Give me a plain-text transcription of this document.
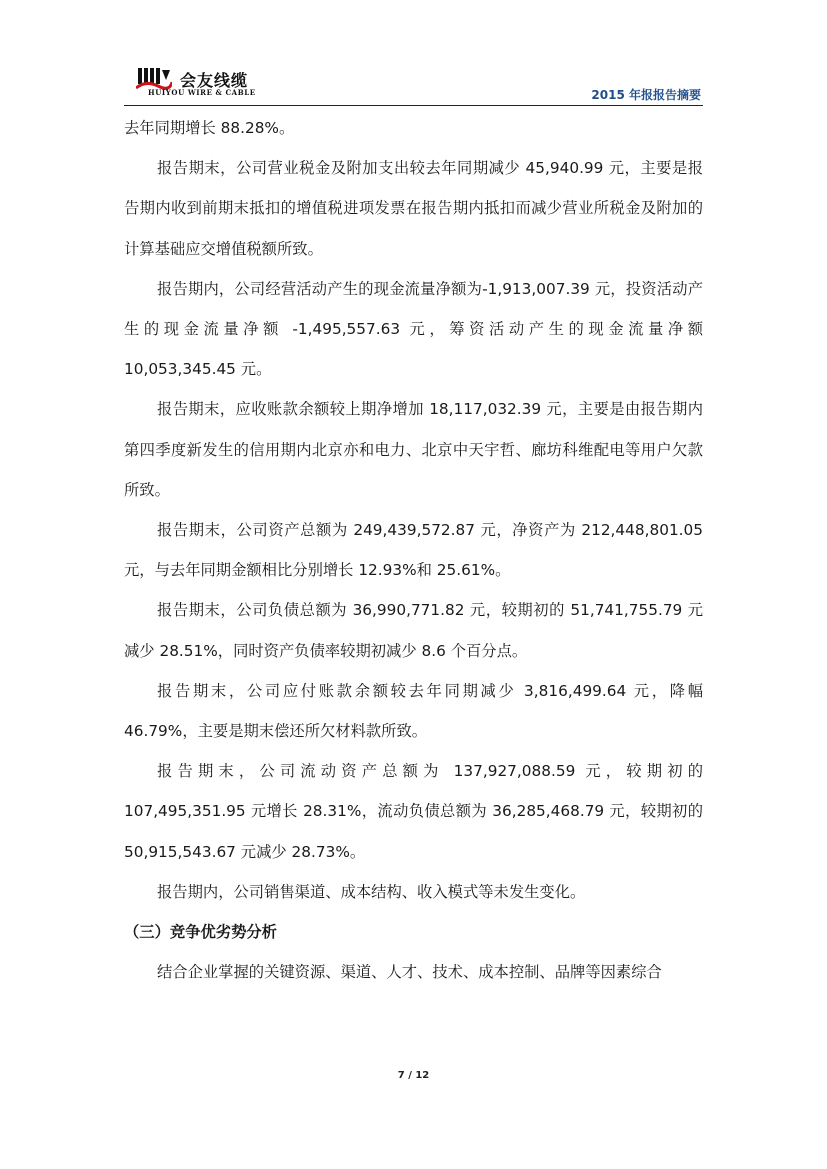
会友线缆
HUIYOU WIRE & CABLE	2015 年报报告摘要

去年同期增长 88.28%。

报告期末，公司营业税金及附加支出较去年同期减少 45,940.99 元，主要是报告期内收到前期末抵扣的增值税进项发票在报告期内抵扣而减少营业所税金及附加的计算基础应交增值税额所致。

报告期内，公司经营活动产生的现金流量净额为-1,913,007.39 元，投资活动产生的现金流量净额 -1,495,557.63 元，筹资活动产生的现金流量净额10,053,345.45 元。

报告期末，应收账款余额较上期净增加 18,117,032.39 元，主要是由报告期内第四季度新发生的信用期内北京亦和电力、北京中天宇哲、廊坊科维配电等用户欠款所致。

报告期末，公司资产总额为 249,439,572.87 元，净资产为 212,448,801.05 元，与去年同期金额相比分别增长 12.93%和 25.61%。

报告期末，公司负债总额为 36,990,771.82 元，较期初的 51,741,755.79 元减少 28.51%，同时资产负债率较期初减少 8.6 个百分点。

报告期末，公司应付账款余额较去年同期减少 3,816,499.64 元，降幅46.79%，主要是期末偿还所欠材料款所致。

报告期末，公司流动资产总额为 137,927,088.59 元，较期初的107,495,351.95 元增长 28.31%，流动负债总额为 36,285,468.79 元，较期初的 50,915,543.67 元减少 28.73%。

报告期内，公司销售渠道、成本结构、收入模式等未发生变化。

（三）竞争优劣势分析

结合企业掌握的关键资源、渠道、人才、技术、成本控制、品牌等因素综合

7 / 12
